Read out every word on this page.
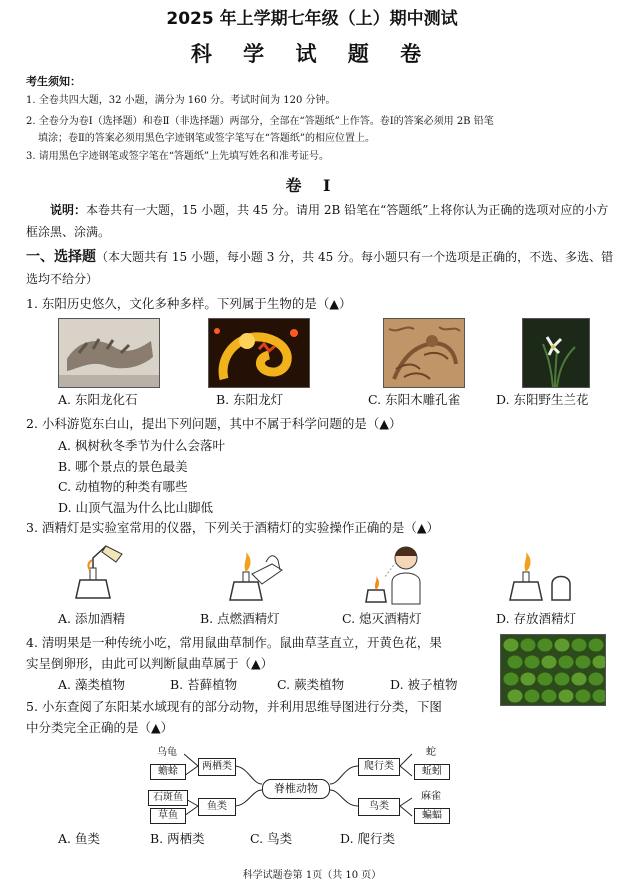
2025 年上学期七年级（上）期中测试
科 学 试 题 卷
考生须知：
1. 全卷共四大题，32 小题，满分为 160 分。考试时间为 120 分钟。
2. 全卷分为卷Ⅰ（选择题）和卷Ⅱ（非选择题）两部分，全部在“答题纸”上作答。卷Ⅰ的答案必须用 2B 铅笔
填涂；卷Ⅱ的答案必须用黑色字迹钢笔或签字笔写在“答题纸”的相应位置上。
3. 请用黑色字迹钢笔或签字笔在“答题纸”上先填写姓名和准考证号。
卷 Ⅰ
说明：本卷共有一大题，15 小题，共 45 分。请用 2B 铅笔在“答题纸”上将你认为正确的选项对应的小方框涂黑、涂满。
一、选择题（本大题共有 15 小题，每小题 3 分，共 45 分。每小题只有一个选项是正确的，不选、多选、错选均不给分）
1. 东阳历史悠久，文化多种多样。下列属于生物的是（▲）
A. 东阳龙化石	B. 东阳龙灯	C. 东阳木雕孔雀	D. 东阳野生兰花
2. 小科游览东白山，提出下列问题，其中不属于科学问题的是（▲）
A. 枫树秋冬季节为什么会落叶
B. 哪个景点的景色最美
C. 动植物的种类有哪些
D. 山顶气温为什么比山脚低
3. 酒精灯是实验室常用的仪器，下列关于酒精灯的实验操作正确的是（▲）
A. 添加酒精	B. 点燃酒精灯	C. 熄灭酒精灯	D. 存放酒精灯
4. 清明果是一种传统小吃，常用鼠曲草制作。鼠曲草茎直立，开黄色花，果
实呈倒卵形，由此可以判断鼠曲草属于（▲）
A. 藻类植物	B. 苔藓植物	C. 蕨类植物	D. 被子植物
5. 小东查阅了东阳某水域现有的部分动物，并利用思维导图进行分类，下图
中分类完全正确的是（▲）
脊椎动物
两栖类
鱼类
爬行类
鸟类
乌龟
蟾蜍
石斑鱼
草鱼
蛇
蚯蚓
麻雀
蝙蝠
A. 鱼类	B. 两栖类	C. 鸟类	D. 爬行类
科学试题卷第 1页（共 10 页）
